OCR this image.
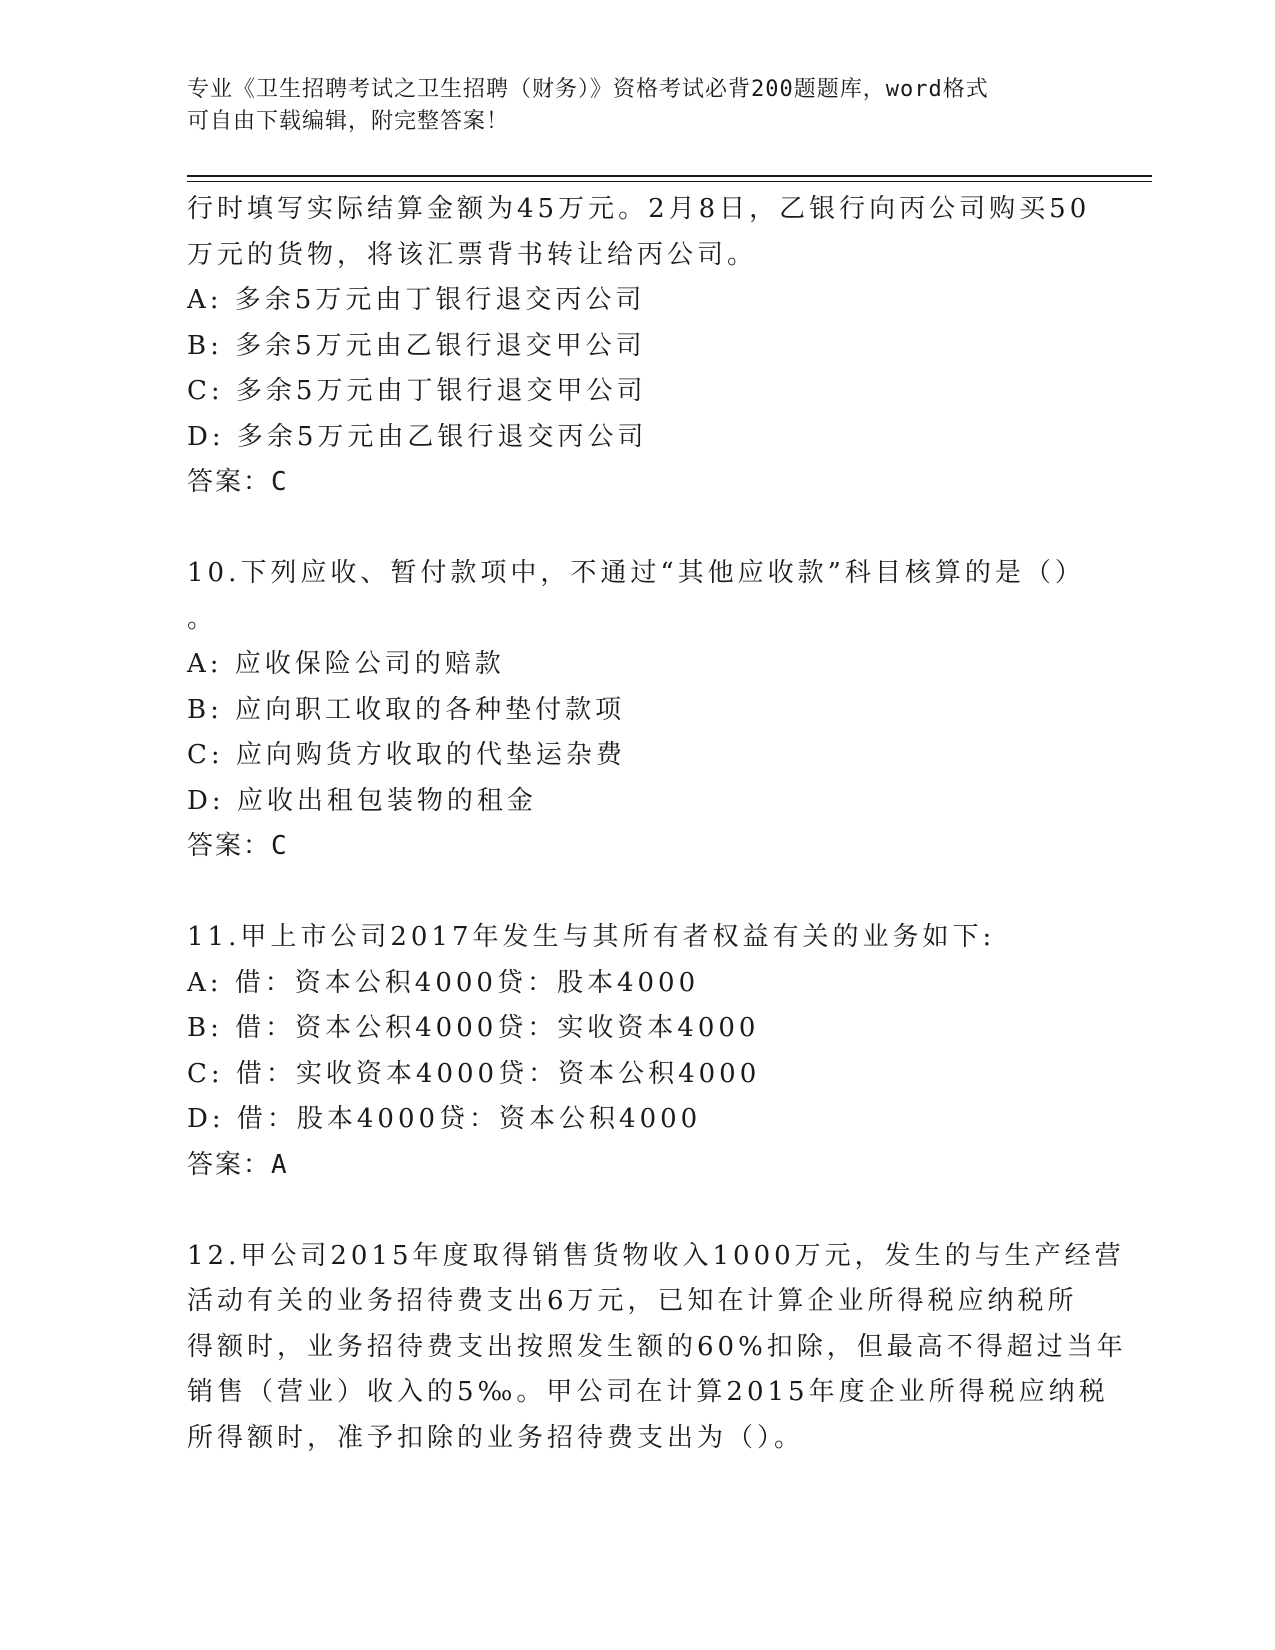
专业《卫生招聘考试之卫生招聘（财务）》资格考试必背200题题库，word格式
可自由下载编辑，附完整答案！
行时填写实际结算金额为45万元。2月8日，乙银行向丙公司购买50
万元的货物，将该汇票背书转让给丙公司。
A: 多余5万元由丁银行退交丙公司
B: 多余5万元由乙银行退交甲公司
C: 多余5万元由丁银行退交甲公司
D: 多余5万元由乙银行退交丙公司
答案：C
10.下列应收、暂付款项中，不通过“其他应收款”科目核算的是（）
。
A: 应收保险公司的赔款
B: 应向职工收取的各种垫付款项
C: 应向购货方收取的代垫运杂费
D: 应收出租包装物的租金
答案：C
11.甲上市公司2017年发生与其所有者权益有关的业务如下:
A: 借：资本公积4000贷：股本4000
B: 借：资本公积4000贷：实收资本4000
C: 借：实收资本4000贷：资本公积4000
D: 借：股本4000贷：资本公积4000
答案：A
12.甲公司2015年度取得销售货物收入1000万元，发生的与生产经营
活动有关的业务招待费支出6万元，已知在计算企业所得税应纳税所
得额时，业务招待费支出按照发生额的60%扣除，但最高不得超过当年
销售（营业）收入的5‰。甲公司在计算2015年度企业所得税应纳税
所得额时，准予扣除的业务招待费支出为（）。
